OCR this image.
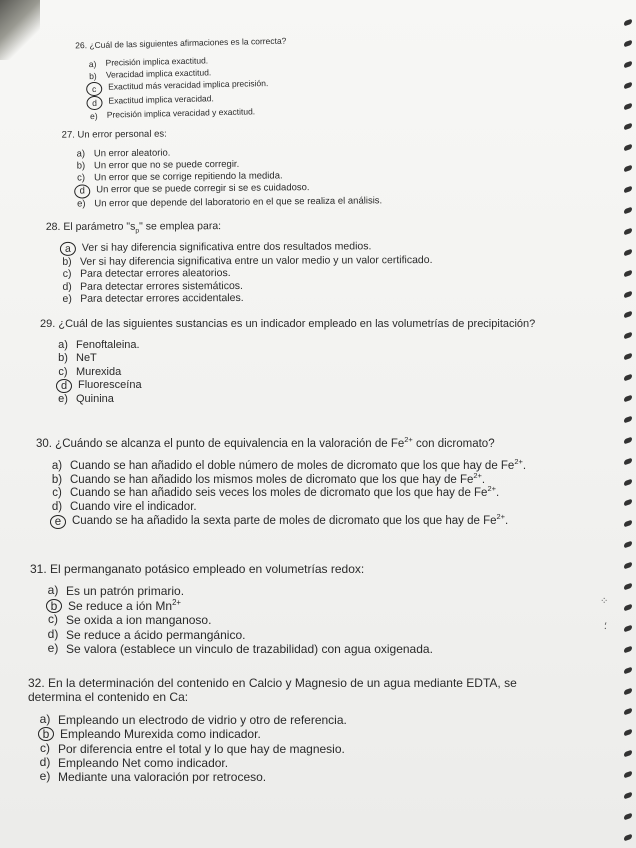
26. ¿Cuál de las siguientes afirmaciones es la correcta?
a)	Precisión implica exactitud.
b)	Veracidad implica exactitud.
c	Exactitud más veracidad implica precisión.
d	Exactitud implica veracidad.
e)	Precisión implica veracidad y exactitud.
27. Un error personal es:
a) Un error aleatorio.
b) Un error que no se puede corregir.
c) Un error que se corrige repitiendo la medida.
d	Un error que se puede corregir si se es cuidadoso.
e) Un error que depende del laboratorio en el que se realiza el análisis.
28. El parámetro "$s_p$" se emplea para:
a	Ver si hay diferencia significativa entre dos resultados medios.
b) Ver si hay diferencia significativa entre un valor medio y un valor certificado.
c) Para detectar errores aleatorios.
d) Para detectar errores sistemáticos.
e) Para detectar errores accidentales.
29. ¿Cuál de las siguientes sustancias es un indicador empleado en las volumetrías de precipitación?
a) Fenoftaleina.
b) NeT
c) Murexida
d Fluoresceína
e) Quinina
30. ¿Cuándo se alcanza el punto de equivalencia en la valoración de $Fe^{2+}$ con dicromato?
a) Cuando se han añadido el doble número de moles de dicromato que los que hay de $Fe^{2+}$.
b) Cuando se han añadido los mismos moles de dicromato que los que hay de $Fe^{2+}$.
c) Cuando se han añadido seis veces los moles de dicromato que los que hay de $Fe^{2+}$.
d) Cuando vire el indicador.
e Cuando se ha añadido la sexta parte de moles de dicromato que los que hay de $Fe^{2+}$.
31. El permanganato potásico empleado en volumetrías redox:
a) Es un patrón primario.
b Se reduce a ión $Mn^{2+}$
c) Se oxida a ion manganoso.
d) Se reduce a ácido permangánico.
e) Se valora (establece un vinculo de trazabilidad) con agua oxigenada.
32. En la determinación del contenido en Calcio y Magnesio de un agua mediante EDTA, se determina el contenido en Ca:
a) Empleando un electrodo de vidrio y otro de referencia.
b Empleando Murexida como indicador.
c) Por diferencia entre el total y lo que hay de magnesio.
d) Empleando Net como indicador.
e) Mediante una valoración por retroceso.
⁘
⸵
